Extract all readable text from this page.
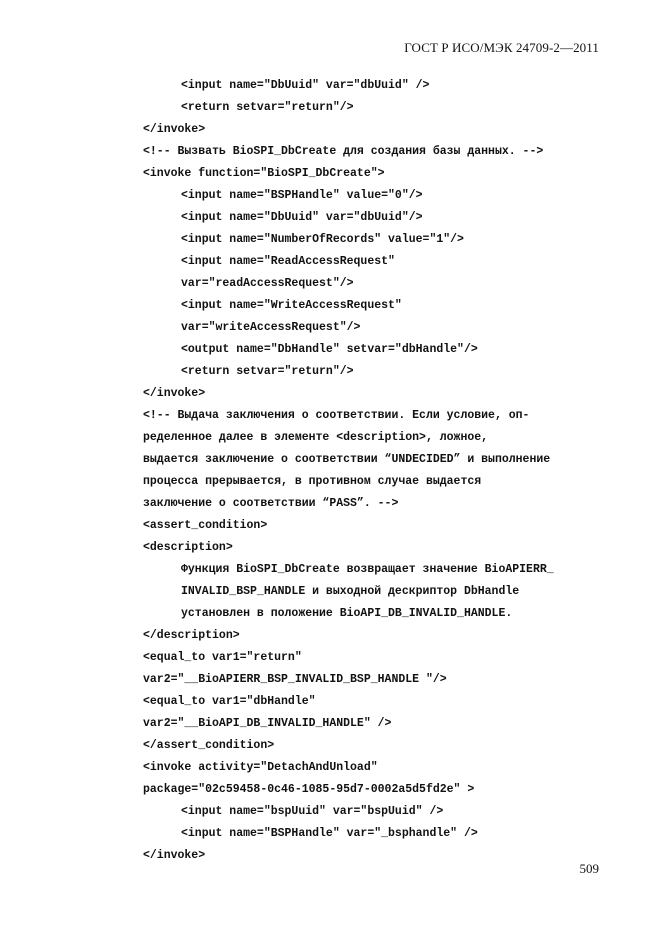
ГОСТ Р ИСО/МЭК 24709-2—2011
<input name="DbUuid" var="dbUuid" />
<return setvar="return"/>
</invoke>
<!-- Вызвать BioSPI_DbCreate для создания базы данных. -->
<invoke function="BioSPI_DbCreate">
<input name="BSPHandle" value="0"/>
<input name="DbUuid" var="dbUuid"/>
<input name="NumberOfRecords" value="1"/>
<input name="ReadAccessRequest"
var="readAccessRequest"/>
<input name="WriteAccessRequest"
var="writeAccessRequest"/>
<output name="DbHandle" setvar="dbHandle"/>
<return setvar="return"/>
</invoke>
<!-- Выдача заключения о соответствии. Если условие, оп-
ределенное далее в элементе <description>, ложное,
выдается заключение о соответствии “UNDECIDED” и выполнение
процесса прерывается, в противном случае выдается
заключение о соответствии “PASS”. -->
<assert_condition>
<description>
Функция BioSPI_DbCreate возвращает значение BioAPIERR_
INVALID_BSP_HANDLE и выходной дескриптор DbHandle
установлен в положение BioAPI_DB_INVALID_HANDLE.
</description>
<equal_to var1="return"
var2="__BioAPIERR_BSP_INVALID_BSP_HANDLE "/>
<equal_to var1="dbHandle"
var2="__BioAPI_DB_INVALID_HANDLE" />
</assert_condition>
<invoke activity="DetachAndUnload"
package="02c59458-0c46-1085-95d7-0002a5d5fd2e" >
<input name="bspUuid" var="bspUuid" />
<input name="BSPHandle" var="_bsphandle" />
</invoke>
509
